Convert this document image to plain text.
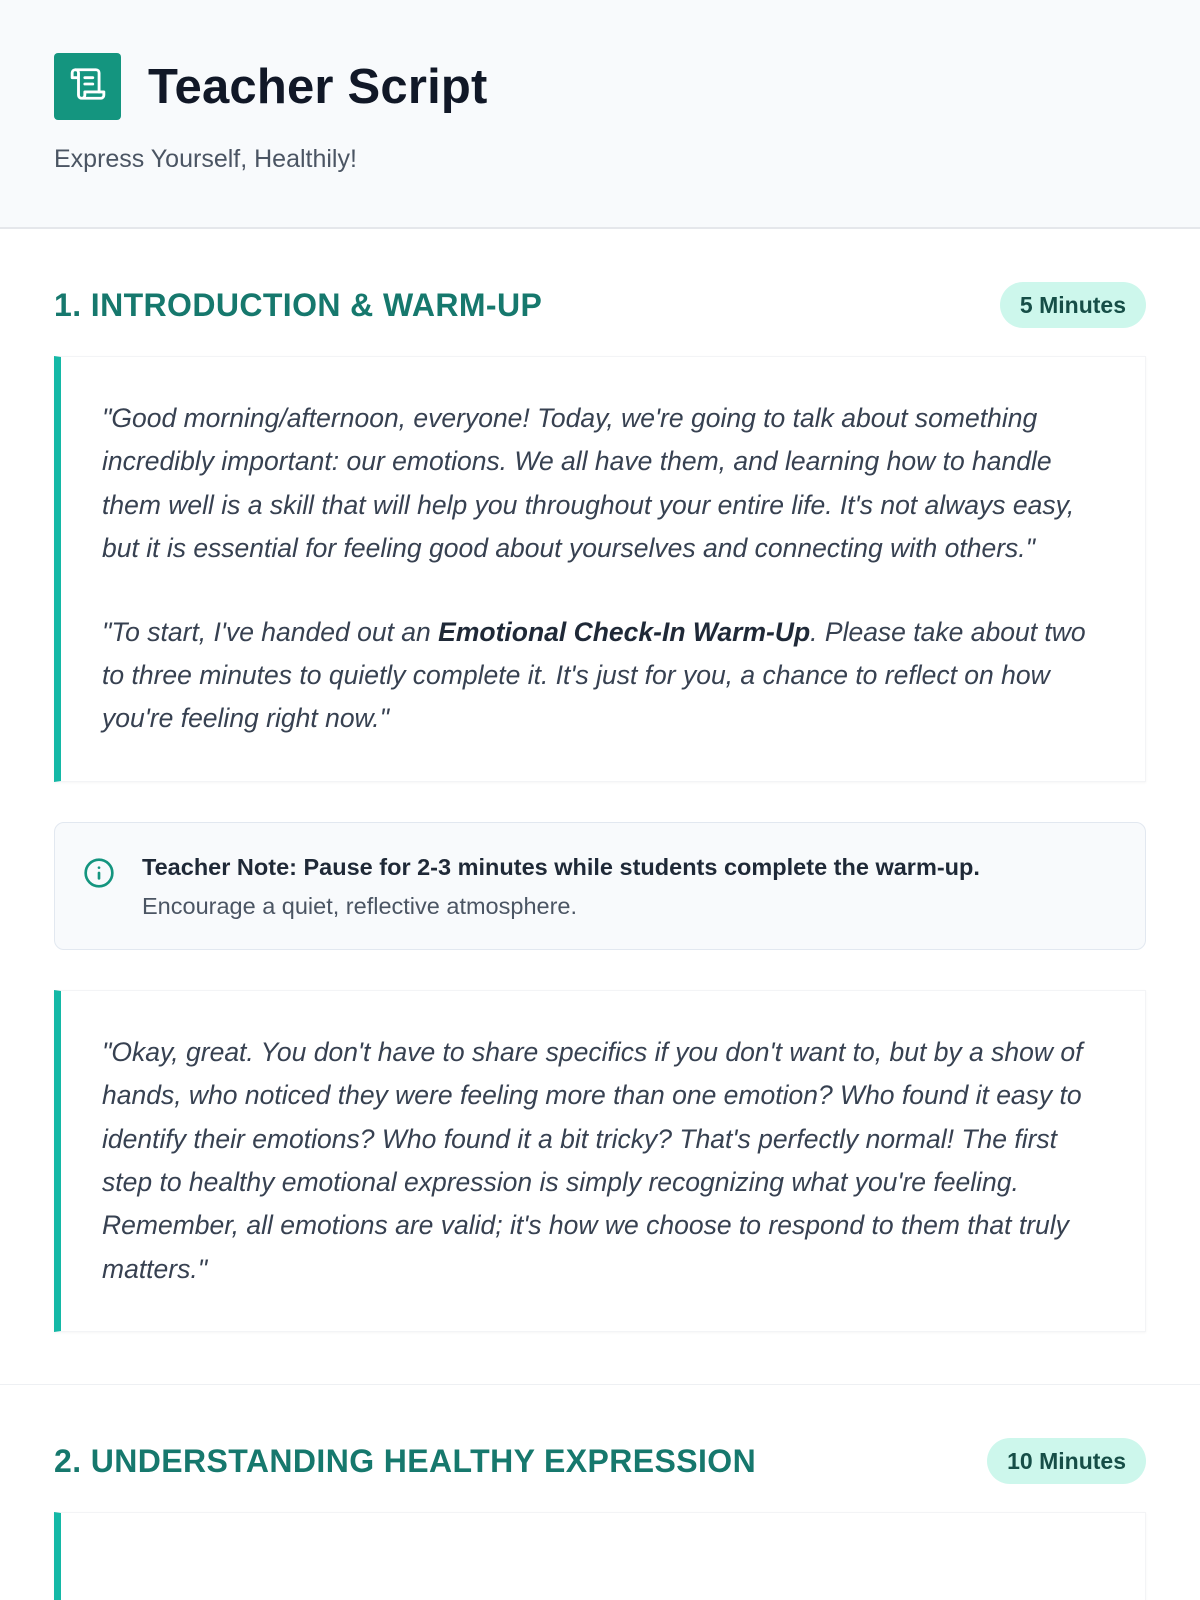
Teacher Script
Express Yourself, Healthily!
1. INTRODUCTION & WARM-UP	5 Minutes

"Good morning/afternoon, everyone! Today, we're going to talk about something incredibly important: our emotions. We all have them, and learning how to handle them well is a skill that will help you throughout your entire life. It's not always easy, but it is essential for feeling good about yourselves and connecting with others."

"To start, I've handed out an Emotional Check-In Warm-Up. Please take about two to three minutes to quietly complete it. It's just for you, a chance to reflect on how you're feeling right now."

Teacher Note: Pause for 2-3 minutes while students complete the warm-up.
Encourage a quiet, reflective atmosphere.

"Okay, great. You don't have to share specifics if you don't want to, but by a show of hands, who noticed they were feeling more than one emotion? Who found it easy to identify their emotions? Who found it a bit tricky? That's perfectly normal! The first step to healthy emotional expression is simply recognizing what you're feeling. Remember, all emotions are valid; it's how we choose to respond to them that truly matters."

2. UNDERSTANDING HEALTHY EXPRESSION	10 Minutes
